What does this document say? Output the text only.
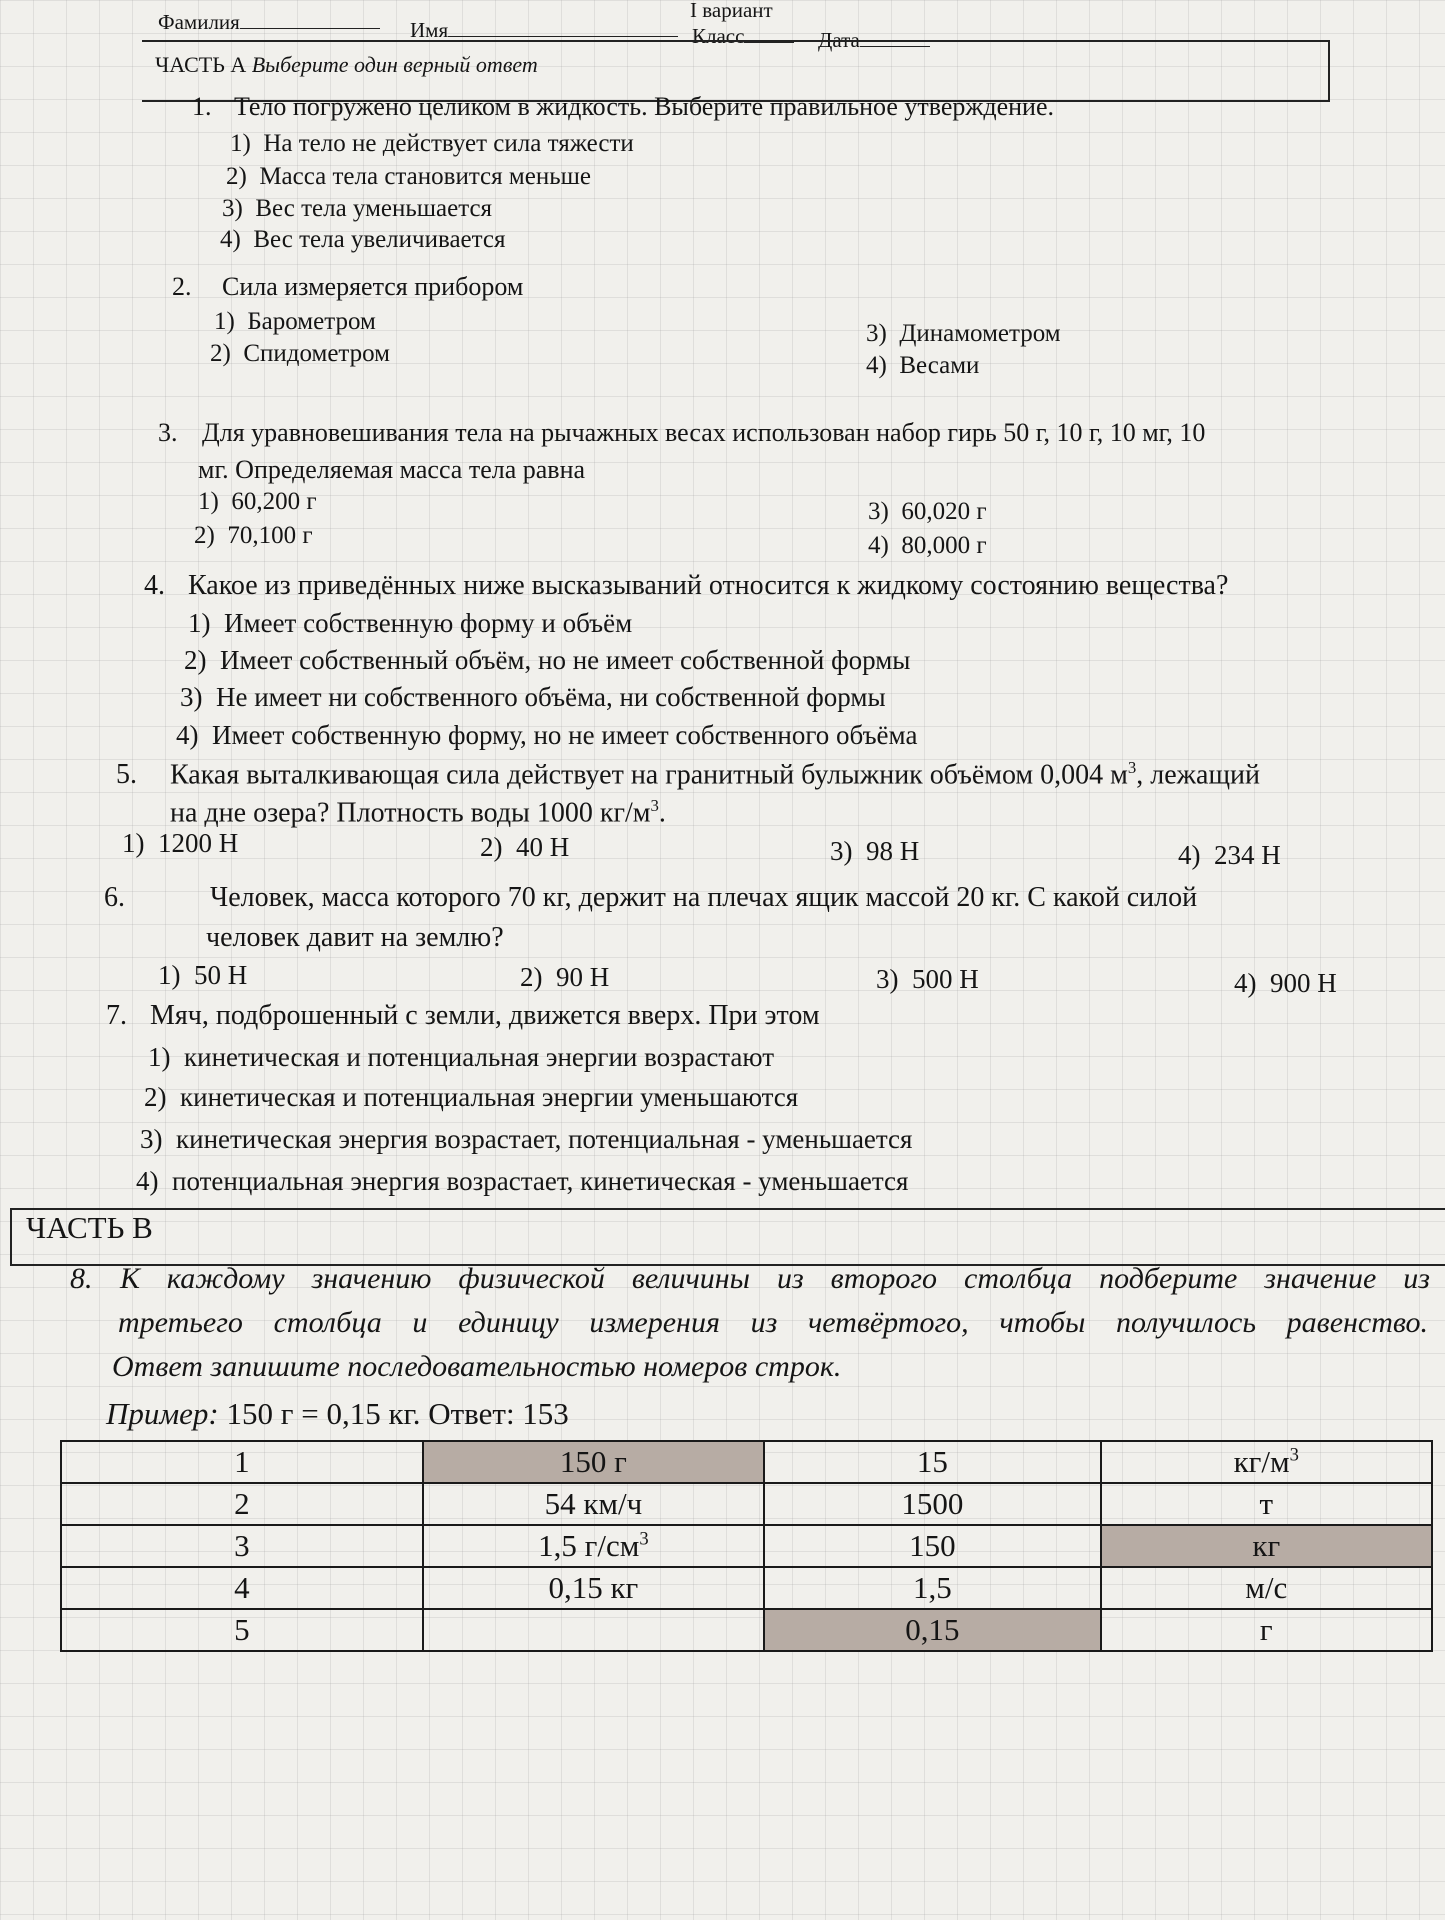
I вариант
Фамилия	Имя	Класс	Дата
ЧАСТЬ А Выберите один верный ответ
1. Тело погружено целиком в жидкость. Выберите правильное утверждение.
1) На тело не действует сила тяжести
2) Масса тела становится меньше
3) Вес тела уменьшается
4) Вес тела увеличивается
2. Сила измеряется прибором
1) Барометром
2) Спидометром
3) Динамометром
4) Весами
3. Для уравновешивания тела на рычажных весах использован набор гирь 50 г, 10 г, 10 мг, 10
мг. Определяемая масса тела равна
1) 60,200 г
2) 70,100 г
3) 60,020 г
4) 80,000 г
4. Какое из приведённых ниже высказываний относится к жидкому состоянию вещества?
1) Имеет собственную форму и объём
2) Имеет собственный объём, но не имеет собственной формы
3) Не имеет ни собственного объёма, ни собственной формы
4) Имеет собственную форму, но не имеет собственного объёма
5. Какая выталкивающая сила действует на гранитный булыжник объёмом 0,004 $м^3$, лежащий
на дне озера? Плотность воды 1000 $кг/м^3$.
1) 1200 Н	2) 40 Н	3) 98 Н	4) 234 Н
6.	Человек, масса которого 70 кг, держит на плечах ящик массой 20 кг. С какой силой
человек давит на землю?
1) 50 Н	2) 90 Н	3) 500 Н	4) 900 Н
7. Мяч, подброшенный с земли, движется вверх. При этом
1) кинетическая и потенциальная энергии возрастают
2) кинетическая и потенциальная энергии уменьшаются
3) кинетическая энергия возрастает, потенциальная - уменьшается
4) потенциальная энергия возрастает, кинетическая - уменьшается
ЧАСТЬ В
8. К каждому значению физической величины из второго столбца подберите значение из
третьего столбца и единицу измерения из четвёртого, чтобы получилось равенство.
Ответ запишите последовательностью номеров строк.
Пример: 150 г = 0,15 кг. Ответ: 153
1	150 г	15	$кг/м^3$
2	54 км/ч	1500	т
3	1,5 $г/см^3$	150	кг
4	0,15 кг	1,5	м/с
5		0,15	г
